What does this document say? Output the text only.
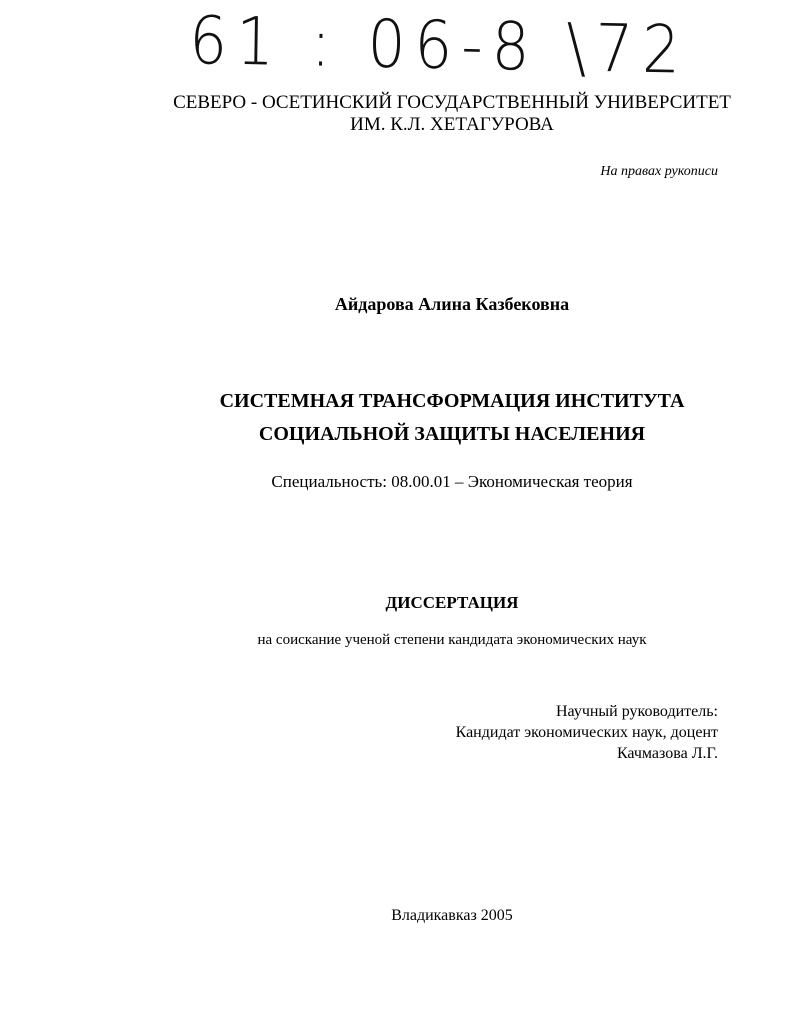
61 : 06-8 \72
СЕВЕРО - ОСЕТИНСКИЙ ГОСУДАРСТВЕННЫЙ УНИВЕРСИТЕТ
ИМ. К.Л. ХЕТАГУРОВА
На правах рукописи
Айдарова Алина Казбековна
СИСТЕМНАЯ ТРАНСФОРМАЦИЯ ИНСТИТУТА
СОЦИАЛЬНОЙ ЗАЩИТЫ НАСЕЛЕНИЯ
Специальность: 08.00.01 – Экономическая теория
ДИССЕРТАЦИЯ
на соискание ученой степени кандидата экономических наук
Научный руководитель:
Кандидат экономических наук, доцент
Качмазова Л.Г.
Владикавказ 2005
